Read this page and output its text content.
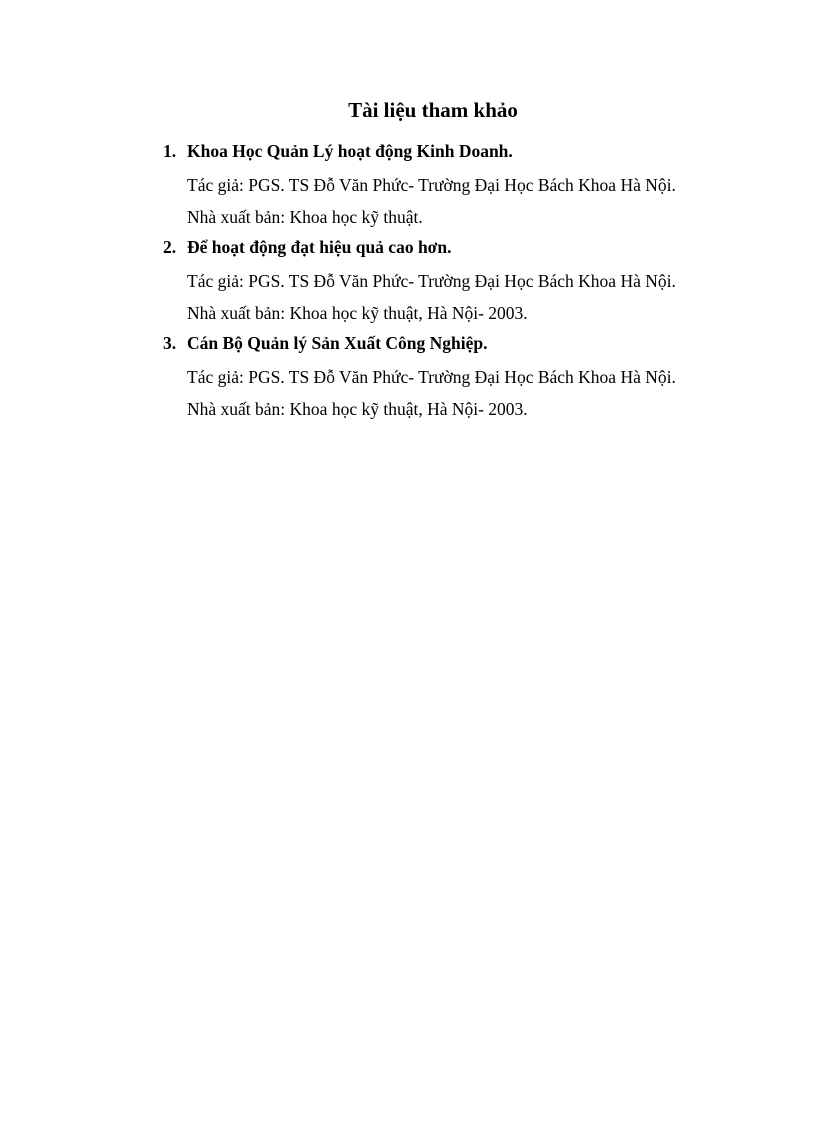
Tài liệu tham khảo
1. Khoa Học Quản Lý hoạt động Kinh Doanh.
Tác giả: PGS. TS Đỗ Văn Phức- Trường Đại Học Bách Khoa Hà Nội.
Nhà xuất bản: Khoa học kỹ thuật.
2. Để hoạt động đạt hiệu quả cao hơn.
Tác giả: PGS. TS Đỗ Văn Phức- Trường Đại Học Bách Khoa Hà Nội.
Nhà xuất bản: Khoa học kỹ thuật, Hà Nội- 2003.
3. Cán Bộ Quản lý Sản Xuất Công Nghiệp.
Tác giả: PGS. TS Đỗ Văn Phức- Trường Đại Học Bách Khoa Hà Nội.
Nhà xuất bản: Khoa học kỹ thuật, Hà Nội- 2003.
